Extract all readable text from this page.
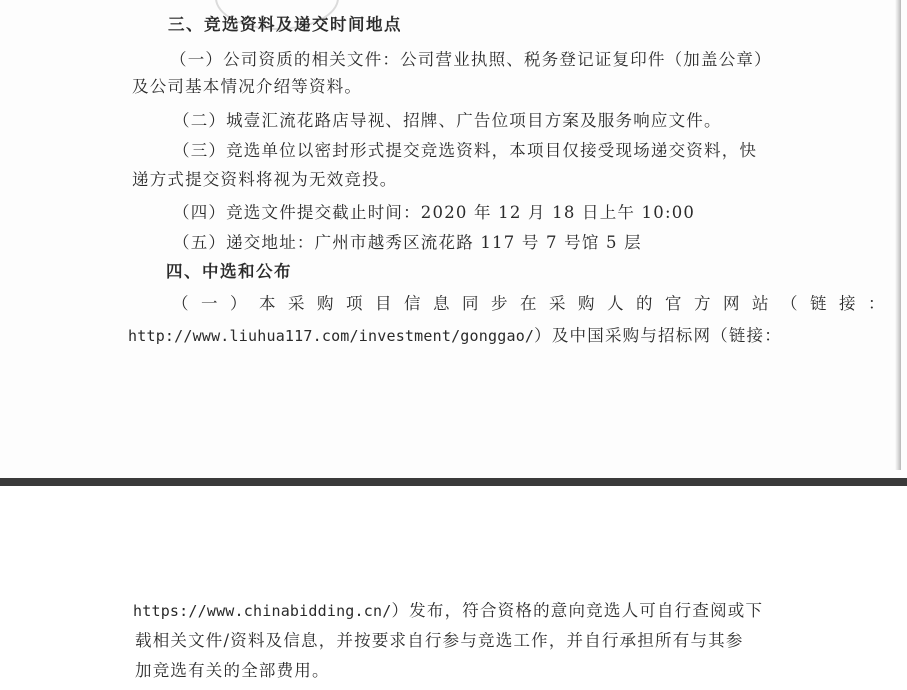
三、竞选资料及递交时间地点
（一）公司资质的相关文件：公司营业执照、税务登记证复印件（加盖公章）
及公司基本情况介绍等资料。
（二）城壹汇流花路店导视、招牌、广告位项目方案及服务响应文件。
（三）竞选单位以密封形式提交竞选资料，本项目仅接受现场递交资料，快
递方式提交资料将视为无效竞投。
（四）竞选文件提交截止时间：2020 年 12 月 18 日上午 10:00
（五）递交地址：广州市越秀区流花路 117 号 7 号馆 5 层
四、中选和公布
（一）本采购项目信息同步在采购人的官方网站（链接：
http://www.liuhua117.com/investment/gonggao/）及中国采购与招标网（链接：
https://www.chinabidding.cn/）发布，符合资格的意向竞选人可自行查阅或下
载相关文件/资料及信息，并按要求自行参与竞选工作，并自行承担所有与其参
加竞选有关的全部费用。
